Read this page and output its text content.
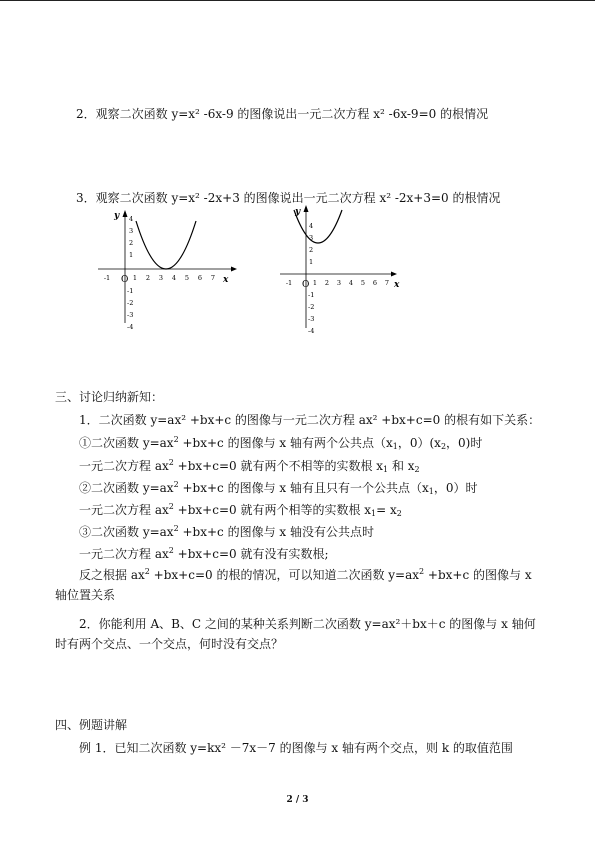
2．观察二次函数 y=x² -6x-9 的图像说出一元二次方程 x² -6x-9=0 的根情况
3．观察二次函数 y=x² -2x+3 的图像说出一元二次方程 x² -2x+3=0 的根情况
y
x
O
-1	1 2 3 4 5 6 7
4
3
2
1
-1
-2
-3
-4
y
x
O
-1	1 2 3 4 5 6 7
4
3
2
1
-1
-2
-3
-4
三、讨论归纳新知：
1．二次函数 y=ax² +bx+c 的图像与一元二次方程 ax² +bx+c=0 的根有如下关系：
①二次函数 $y=ax^2 +bx+c$ 的图像与 x 轴有两个公共点（$x_1$，$0)(x_2$，0)时
一元二次方程 $ax^2 +bx+c=0$ 就有两个不相等的实数根 $x_1$ 和 $x_2$
②二次函数 $y=ax^2 +bx+c$ 的图像与 x 轴有且只有一个公共点（$x_1$，0）时
一元二次方程 $ax^2 +bx+c=0$ 就有两个相等的实数根 $x_1= x_2$
③二次函数 $y=ax^2 +bx+c$ 的图像与 x 轴没有公共点时
一元二次方程 $ax^2 +bx+c=0$ 就有没有实数根;
反之根据 $ax^2 +bx+c=0$ 的根的情况，可以知道二次函数 $y=ax^2 +bx+c$ 的图像与 x 轴位置关系
2．你能利用 A、B、C 之间的某种关系判断二次函数 y=ax²＋bx＋c 的图像与 x 轴何时有两个交点、一个交点，何时没有交点？
四、例题讲解
例 1．已知二次函数 y=kx² －7x－7 的图像与 x 轴有两个交点，则 k 的取值范围
2 / 3
